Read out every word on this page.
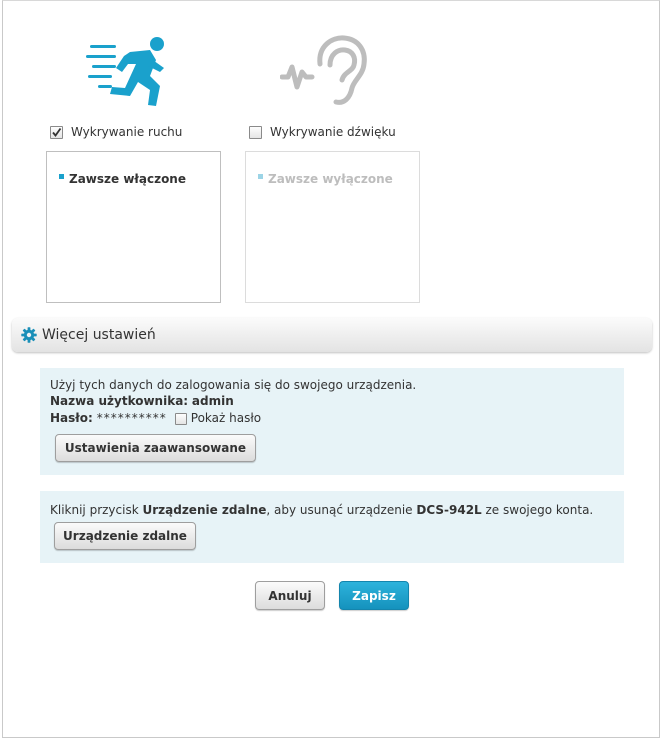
Wykrywanie ruchu	Wykrywanie dźwięku
Zawsze włączone	Zawsze wyłączone
Więcej ustawień
Użyj tych danych do zalogowania się do swojego urządzenia.
Nazwa użytkownika: admin
Hasło: ********** Pokaż hasło
Ustawienia zaawansowane
Kliknij przycisk Urządzenie zdalne, aby usunąć urządzenie DCS-942L ze swojego konta.
Urządzenie zdalne
Anuluj	Zapisz
